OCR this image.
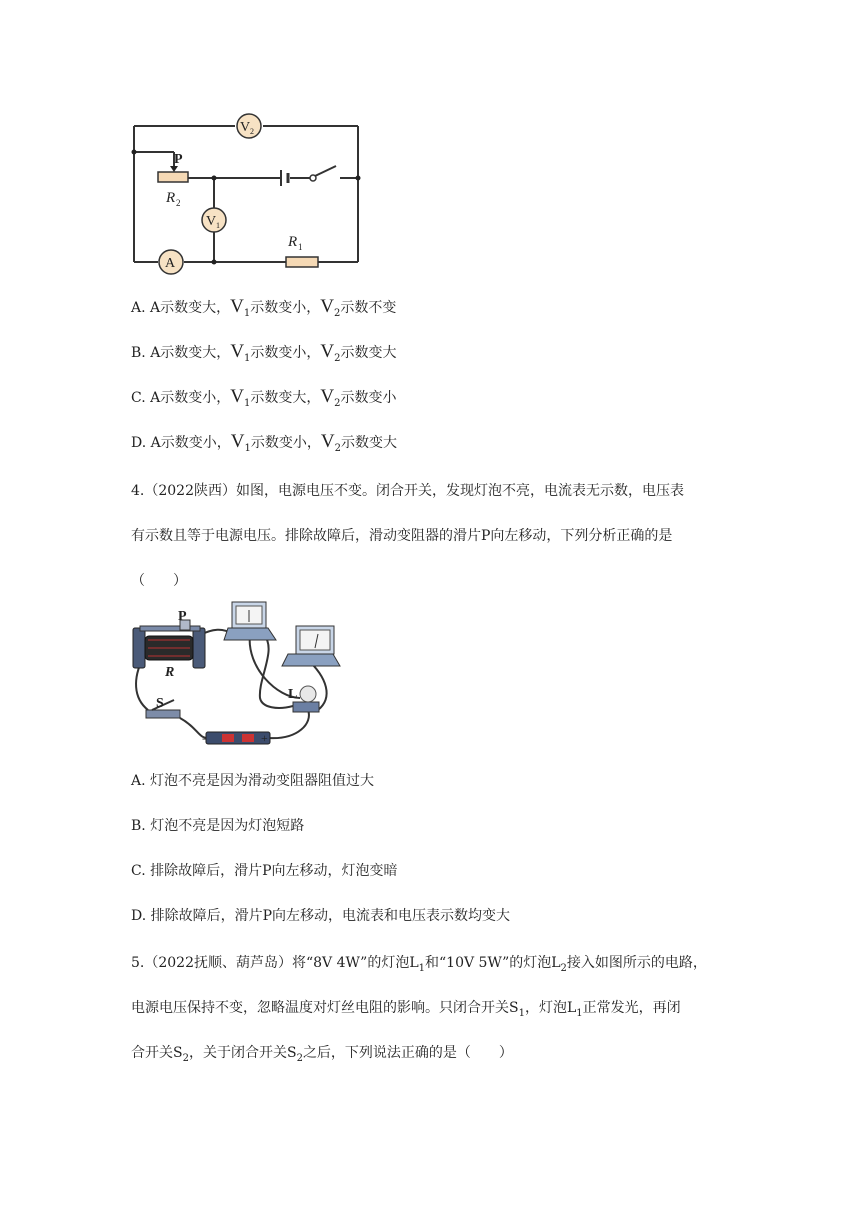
V 2
V 1
A
P
R 2
R 1
A. A示数变大，$V_1$示数变小，$V_2$示数不变
B. A示数变大，$V_1$示数变小，$V_2$示数变大
C. A示数变小，$V_1$示数变大，$V_2$示数变小
D. A示数变小，$V_1$示数变小，$V_2$示数变大
4.（2022陕西）如图，电源电压不变。闭合开关，发现灯泡不亮，电流表无示数，电压表
有示数且等于电源电压。排除故障后，滑动变阻器的滑片P向左移动，下列分析正确的是
（　　）
P
R
S
L
-	+
A. 灯泡不亮是因为滑动变阻器阻值过大
B. 灯泡不亮是因为灯泡短路
C. 排除故障后，滑片P向左移动，灯泡变暗
D. 排除故障后，滑片P向左移动，电流表和电压表示数均变大
5.（2022抚顺、葫芦岛）将“8V 4W”的灯泡$L_1$和“10V 5W”的灯泡$L_2$接入如图所示的电路，
电源电压保持不变，忽略温度对灯丝电阻的影响。只闭合开关$S_1$，灯泡$L_1$正常发光，再闭
合开关$S_2$，关于闭合开关$S_2$之后，下列说法正确的是（　　）
